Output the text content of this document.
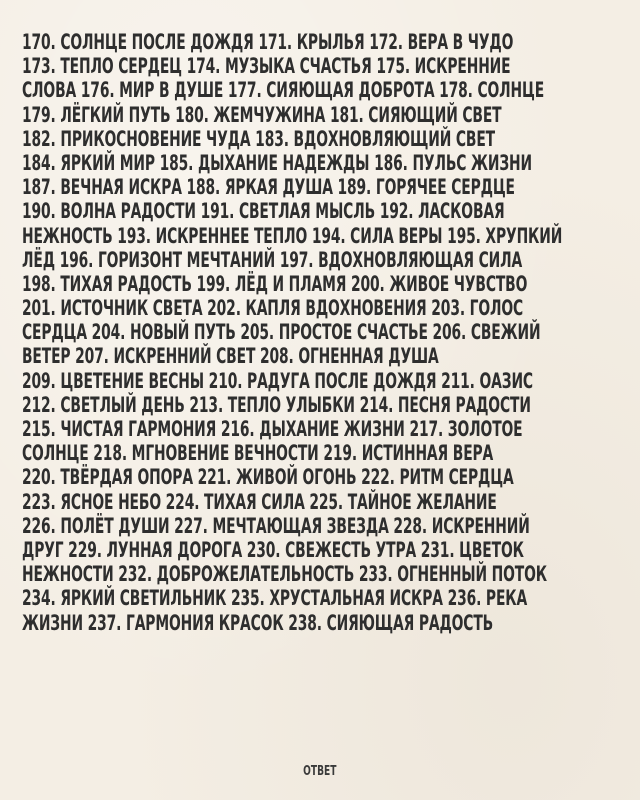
170. СОЛНЦЕ ПОСЛЕ ДОЖДЯ 171. КРЫЛЬЯ 172. ВЕРА В ЧУДО
173. ТЕПЛО СЕРДЕЦ 174. МУЗЫКА СЧАСТЬЯ 175. ИСКРЕННИЕ
СЛОВА 176. МИР В ДУШЕ 177. СИЯЮЩАЯ ДОБРОТА 178. СОЛНЦЕ
179. ЛЁГКИЙ ПУТЬ 180. ЖЕМЧУЖИНА 181. СИЯЮЩИЙ СВЕТ
182. ПРИКОСНОВЕНИЕ ЧУДА 183. ВДОХНОВЛЯЮЩИЙ СВЕТ
184. ЯРКИЙ МИР 185. ДЫХАНИЕ НАДЕЖДЫ 186. ПУЛЬС ЖИЗНИ
187. ВЕЧНАЯ ИСКРА 188. ЯРКАЯ ДУША 189. ГОРЯЧЕЕ СЕРДЦЕ
190. ВОЛНА РАДОСТИ 191. СВЕТЛАЯ МЫСЛЬ 192. ЛАСКОВАЯ
НЕЖНОСТЬ 193. ИСКРЕННЕЕ ТЕПЛО 194. СИЛА ВЕРЫ 195. ХРУПКИЙ
ЛЁД 196. ГОРИЗОНТ МЕЧТАНИЙ 197. ВДОХНОВЛЯЮЩАЯ СИЛА
198. ТИХАЯ РАДОСТЬ 199. ЛЁД И ПЛАМЯ 200. ЖИВОЕ ЧУВСТВО
201. ИСТОЧНИК СВЕТА 202. КАПЛЯ ВДОХНОВЕНИЯ 203. ГОЛОС
СЕРДЦА 204. НОВЫЙ ПУТЬ 205. ПРОСТОЕ СЧАСТЬЕ 206. СВЕЖИЙ
ВЕТЕР 207. ИСКРЕННИЙ СВЕТ 208. ОГНЕННАЯ ДУША
209. ЦВЕТЕНИЕ ВЕСНЫ 210. РАДУГА ПОСЛЕ ДОЖДЯ 211. ОАЗИС
212. СВЕТЛЫЙ ДЕНЬ 213. ТЕПЛО УЛЫБКИ 214. ПЕСНЯ РАДОСТИ
215. ЧИСТАЯ ГАРМОНИЯ 216. ДЫХАНИЕ ЖИЗНИ 217. ЗОЛОТОЕ
СОЛНЦЕ 218. МГНОВЕНИЕ ВЕЧНОСТИ 219. ИСТИННАЯ ВЕРА
220. ТВЁРДАЯ ОПОРА 221. ЖИВОЙ ОГОНЬ 222. РИТМ СЕРДЦА
223. ЯСНОЕ НЕБО 224. ТИХАЯ СИЛА 225. ТАЙНОЕ ЖЕЛАНИЕ
226. ПОЛЁТ ДУШИ 227. МЕЧТАЮЩАЯ ЗВЕЗДА 228. ИСКРЕННИЙ
ДРУГ 229. ЛУННАЯ ДОРОГА 230. СВЕЖЕСТЬ УТРА 231. ЦВЕТОК
НЕЖНОСТИ 232. ДОБРОЖЕЛАТЕЛЬНОСТЬ 233. ОГНЕННЫЙ ПОТОК
234. ЯРКИЙ СВЕТИЛЬНИК 235. ХРУСТАЛЬНАЯ ИСКРА 236. РЕКА
ЖИЗНИ 237. ГАРМОНИЯ КРАСОК 238. СИЯЮЩАЯ РАДОСТЬ
ОТВЕТ
